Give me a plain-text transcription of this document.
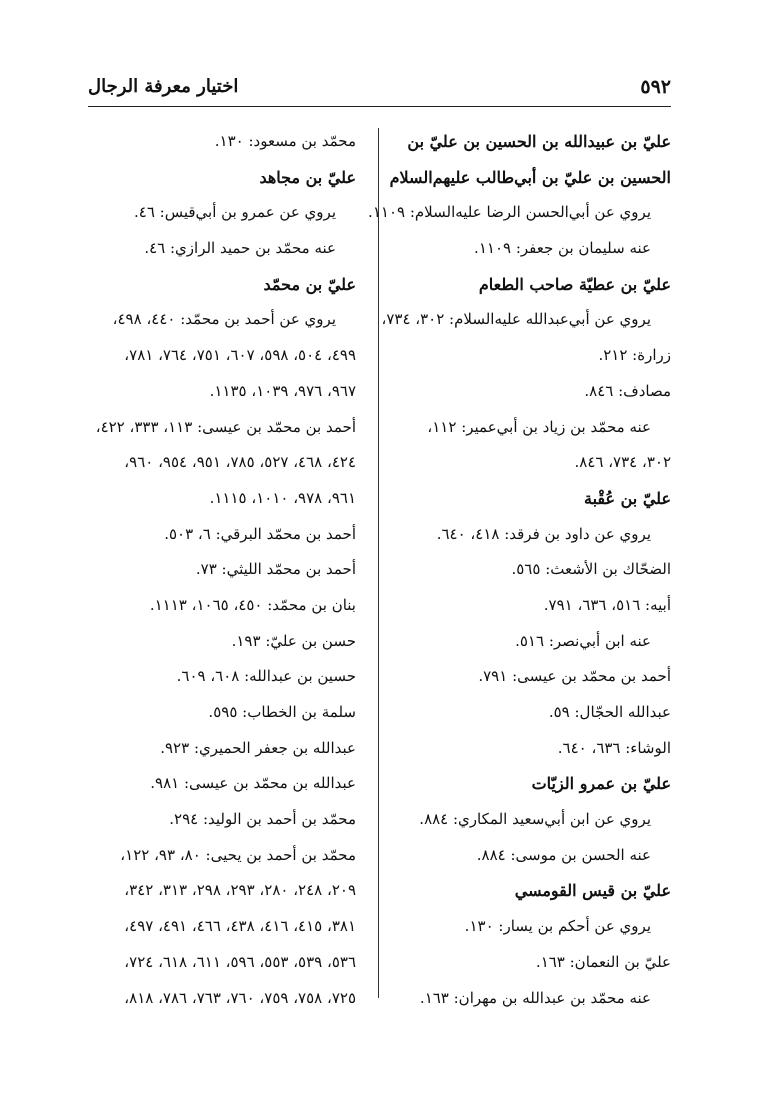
٥٩٢
اختيار معرفة الرجال
عليّ بن عبيدالله بن الحسين بن عليّ بن
الحسين بن عليّ بن أبي‌طالب عليهم‌السلام
يروي عن أبي‌الحسن الرضا عليه‌السلام: ١١٠٩.
عنه سليمان بن جعفر: ١١٠٩.
عليّ بن عطيّة صاحب الطعام
يروي عن أبي‌عبدالله عليه‌السلام: ٣٠٢، ٧٣٤،
زرارة: ٢١٢.
مصادف: ٨٤٦.
عنه محمّد بن زياد بن أبي‌عمير: ١١٢،
٣٠٢، ٧٣٤، ٨٤٦.
عليّ بن عُقْبة
يروي عن داود بن فرقد: ٤١٨، ٦٤٠.
الضحّاك بن الأشعث: ٥٦٥.
أبيه: ٥١٦، ٦٣٦، ٧٩١.
عنه ابن أبي‌نصر: ٥١٦.
أحمد بن محمّد بن عيسى: ٧٩١.
عبدالله الحجّال: ٥٩.
الوشاء: ٦٣٦، ٦٤٠.
عليّ بن عمرو الزيّات
يروي عن ابن أبي‌سعيد المكاري: ٨٨٤.
عنه الحسن بن موسى: ٨٨٤.
عليّ بن قيس القومسي
يروي عن أحكم بن يسار: ١٣٠.
عليّ بن النعمان: ١٦٣.
عنه محمّد بن عبدالله بن مهران: ١٦٣.
محمّد بن مسعود: ١٣٠.
عليّ بن مجاهد
يروي عن عمرو بن أبي‌قيس: ٤٦.
عنه محمّد بن حميد الرازي: ٤٦.
عليّ بن محمّد
يروي عن أحمد بن محمّد: ٤٤٠، ٤٩٨،
٤٩٩، ٥٠٤، ٥٩٨، ٦٠٧، ٧٥١، ٧٦٤، ٧٨١،
٩٦٧، ٩٧٦، ١٠٣٩، ١١٣٥.
أحمد بن محمّد بن عيسى: ١١٣، ٣٣٣، ٤٢٢،
٤٢٤، ٤٦٨، ٥٢٧، ٧٨٥، ٩٥١، ٩٥٤، ٩٦٠،
٩٦١، ٩٧٨، ١٠١٠، ١١١٥.
أحمد بن محمّد البرقي: ٦، ٥٠٣.
أحمد بن محمّد الليثي: ٧٣.
بنان بن محمّد: ٤٥٠، ١٠٦٥، ١١١٣.
حسن بن عليّ: ١٩٣.
حسين بن عبدالله: ٦٠٨، ٦٠٩.
سلمة بن الخطاب: ٥٩٥.
عبدالله بن جعفر الحميري: ٩٢٣.
عبدالله بن محمّد بن عيسى: ٩٨١.
محمّد بن أحمد بن الوليد: ٢٩٤.
محمّد بن أحمد بن يحيى: ٨٠، ٩٣، ١٢٢،
٢٠٩، ٢٤٨، ٢٨٠، ٢٩٣، ٢٩٨، ٣١٣، ٣٤٢،
٣٨١، ٤١٥، ٤١٦، ٤٣٨، ٤٦٦، ٤٩١، ٤٩٧،
٥٣٦، ٥٣٩، ٥٥٣، ٥٩٦، ٦١١، ٦١٨، ٧٢٤،
٧٢٥، ٧٥٨، ٧٥٩، ٧٦٠، ٧٦٣، ٧٨٦، ٨١٨،
